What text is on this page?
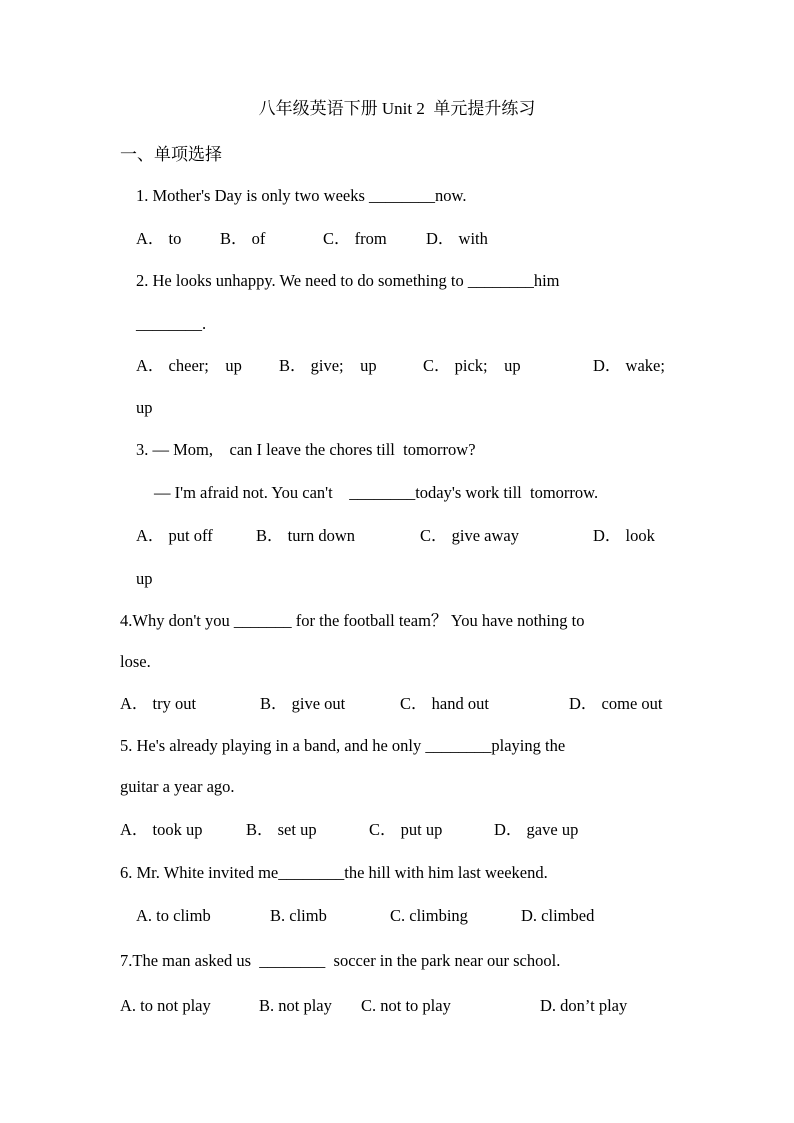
八年级英语下册 Unit 2  单元提升练习
一、单项选择
1. Mother's Day is only two weeks ________now.
A． to B． of	C． from D． with
2. He looks unhappy. We need to do something to ________him
________.
A． cheer;    up B． give;    up	C． pick;    up	D． wake;
up
3. — Mom,    can I leave the chores till  tomorrow?
— I'm afraid not. You can't    ________today's work till  tomorrow.
A． put off	B． turn down	C． give away	D． look
up
4.Why don't you _______ for the football team？ You have nothing to
lose.
A． try out	B． give out	C． hand out	D． come out
5. He's already playing in a band, and he only ________playing the
guitar a year ago.
A． took up	B． set up	C． put up	D． gave up
6. Mr. White invited me________the hill with him last weekend.
A. to climb	B. climb	C. climbing	D. climbed
7.The man asked us  ________  soccer in the park near our school.
A. to not play	B. not play C. not to play	D. don’t play
